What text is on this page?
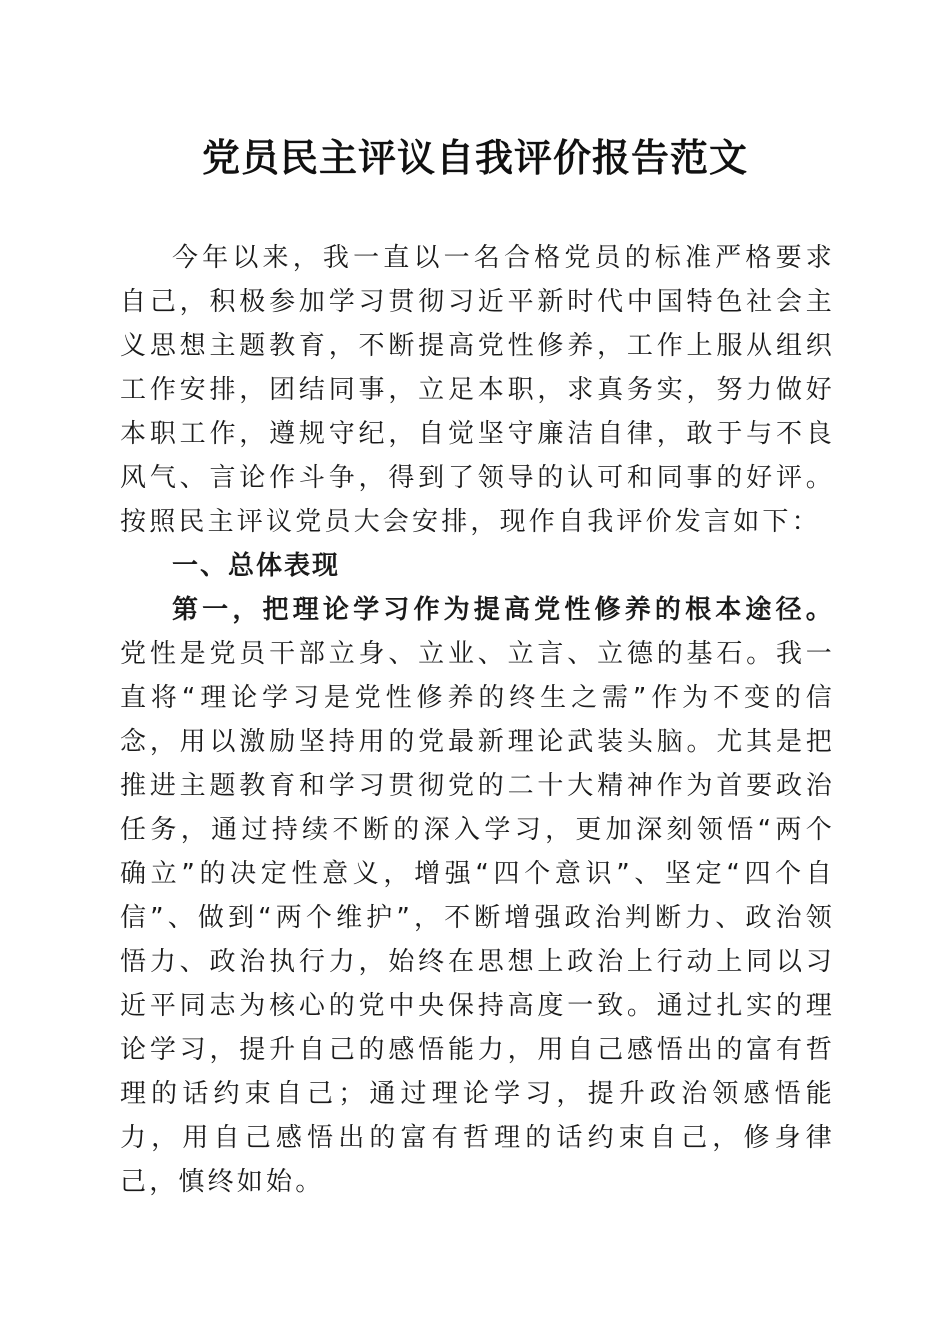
党员民主评议自我评价报告范文

今年以来，我一直以一名合格党员的标准严格要求自己，积极参加学习贯彻习近平新时代中国特色社会主义思想主题教育，不断提高党性修养，工作上服从组织工作安排，团结同事，立足本职，求真务实，努力做好本职工作，遵规守纪，自觉坚守廉洁自律，敢于与不良风气、言论作斗争，得到了领导的认可和同事的好评。按照民主评议党员大会安排，现作自我评价发言如下：

一、总体表现

第一，把理论学习作为提高党性修养的根本途径。党性是党员干部立身、立业、立言、立德的基石。我一直将“理论学习是党性修养的终生之需”作为不变的信念，用以激励坚持用的党最新理论武装头脑。尤其是把推进主题教育和学习贯彻党的二十大精神作为首要政治任务，通过持续不断的深入学习，更加深刻领悟“两个确立”的决定性意义，增强“四个意识”、坚定“四个自信”、做到“两个维护”，不断增强政治判断力、政治领悟力、政治执行力，始终在思想上政治上行动上同以习近平同志为核心的党中央保持高度一致。通过扎实的理论学习，提升自己的感悟能力，用自己感悟出的富有哲理的话约束自己；通过理论学习，提升政治领感悟能力，用自己感悟出的富有哲理的话约束自己，修身律己，慎终如始。
